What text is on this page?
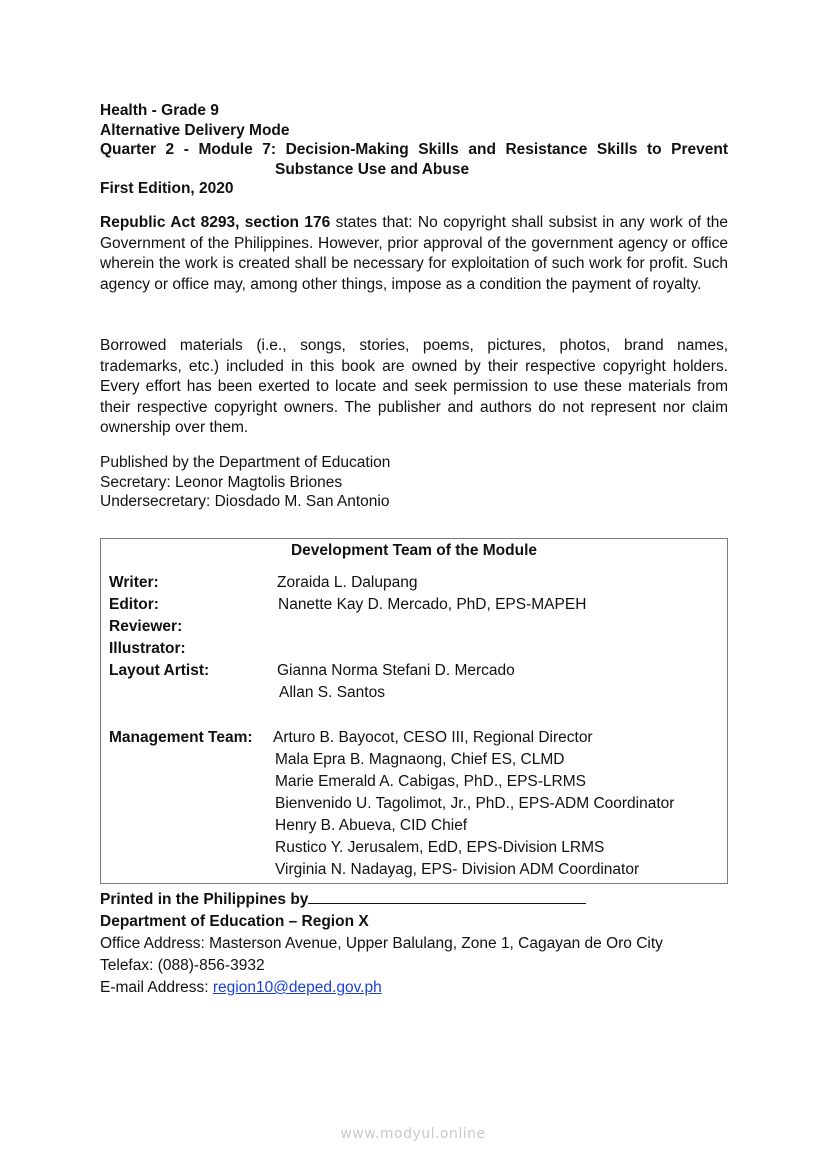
Health - Grade 9
Alternative Delivery Mode
Quarter 2 - Module 7: Decision-Making Skills and Resistance Skills to Prevent
Substance Use and Abuse
First Edition, 2020
Republic Act 8293, section 176 states that: No copyright shall subsist in any work of the Government of the Philippines. However, prior approval of the government agency or office wherein the work is created shall be necessary for exploitation of such work for profit. Such agency or office may, among other things, impose as a condition the payment of royalty.
Borrowed materials (i.e., songs, stories, poems, pictures, photos, brand names, trademarks, etc.) included in this book are owned by their respective copyright holders. Every effort has been exerted to locate and seek permission to use these materials from their respective copyright owners. The publisher and authors do not represent nor claim ownership over them.
Published by the Department of Education
Secretary: Leonor Magtolis Briones
Undersecretary: Diosdado M. San Antonio
Development Team of the Module
Writer:	Zoraida L. Dalupang
Editor:	Nanette Kay D. Mercado, PhD, EPS-MAPEH
Reviewer:
Illustrator:
Layout Artist:	Gianna Norma Stefani D. Mercado
Allan S. Santos
Management Team: Arturo B. Bayocot, CESO III, Regional Director
Mala Epra B. Magnaong, Chief ES, CLMD
Marie Emerald A. Cabigas, PhD., EPS-LRMS
Bienvenido U. Tagolimot, Jr., PhD., EPS-ADM Coordinator
Henry B. Abueva, CID Chief
Rustico Y. Jerusalem, EdD, EPS-Division LRMS
Virginia N. Nadayag, EPS- Division ADM Coordinator
Printed in the Philippines by
Department of Education – Region X
Office Address: Masterson Avenue, Upper Balulang, Zone 1, Cagayan de Oro City
Telefax: (088)-856-3932
E-mail Address: region10@deped.gov.ph
www.modyul.online
